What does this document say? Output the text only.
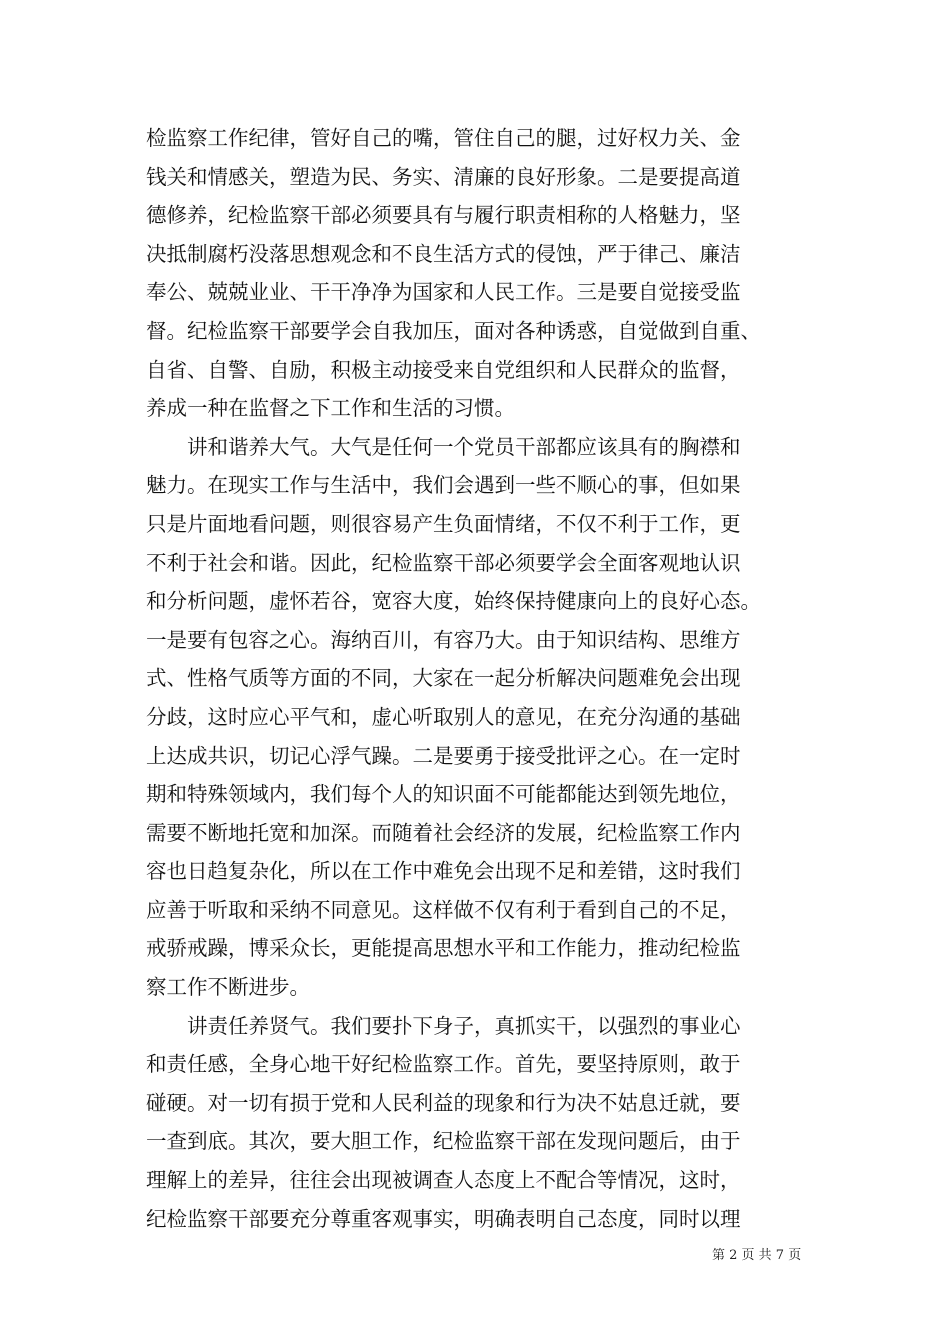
检监察工作纪律，管好自己的嘴，管住自己的腿，过好权力关、金
钱关和情感关，塑造为民、务实、清廉的良好形象。二是要提高道
德修养，纪检监察干部必须要具有与履行职责相称的人格魅力，坚
决抵制腐朽没落思想观念和不良生活方式的侵蚀，严于律己、廉洁
奉公、兢兢业业、干干净净为国家和人民工作。三是要自觉接受监
督。纪检监察干部要学会自我加压，面对各种诱惑，自觉做到自重、
自省、自警、自励，积极主动接受来自党组织和人民群众的监督，
养成一种在监督之下工作和生活的习惯。
讲和谐养大气。大气是任何一个党员干部都应该具有的胸襟和
魅力。在现实工作与生活中，我们会遇到一些不顺心的事，但如果
只是片面地看问题，则很容易产生负面情绪，不仅不利于工作，更
不利于社会和谐。因此，纪检监察干部必须要学会全面客观地认识
和分析问题，虚怀若谷，宽容大度，始终保持健康向上的良好心态。
一是要有包容之心。海纳百川，有容乃大。由于知识结构、思维方
式、性格气质等方面的不同，大家在一起分析解决问题难免会出现
分歧，这时应心平气和，虚心听取别人的意见，在充分沟通的基础
上达成共识，切记心浮气躁。二是要勇于接受批评之心。在一定时
期和特殊领域内，我们每个人的知识面不可能都能达到领先地位，
需要不断地托宽和加深。而随着社会经济的发展，纪检监察工作内
容也日趋复杂化，所以在工作中难免会出现不足和差错，这时我们
应善于听取和采纳不同意见。这样做不仅有利于看到自己的不足，
戒骄戒躁，博采众长，更能提高思想水平和工作能力，推动纪检监
察工作不断进步。
讲责任养贤气。我们要扑下身子，真抓实干，以强烈的事业心
和责任感，全身心地干好纪检监察工作。首先，要坚持原则，敢于
碰硬。对一切有损于党和人民利益的现象和行为决不姑息迁就，要
一查到底。其次，要大胆工作，纪检监察干部在发现问题后，由于
理解上的差异，往往会出现被调查人态度上不配合等情况，这时，
纪检监察干部要充分尊重客观事实，明确表明自己态度，同时以理
第 2 页 共 7 页
